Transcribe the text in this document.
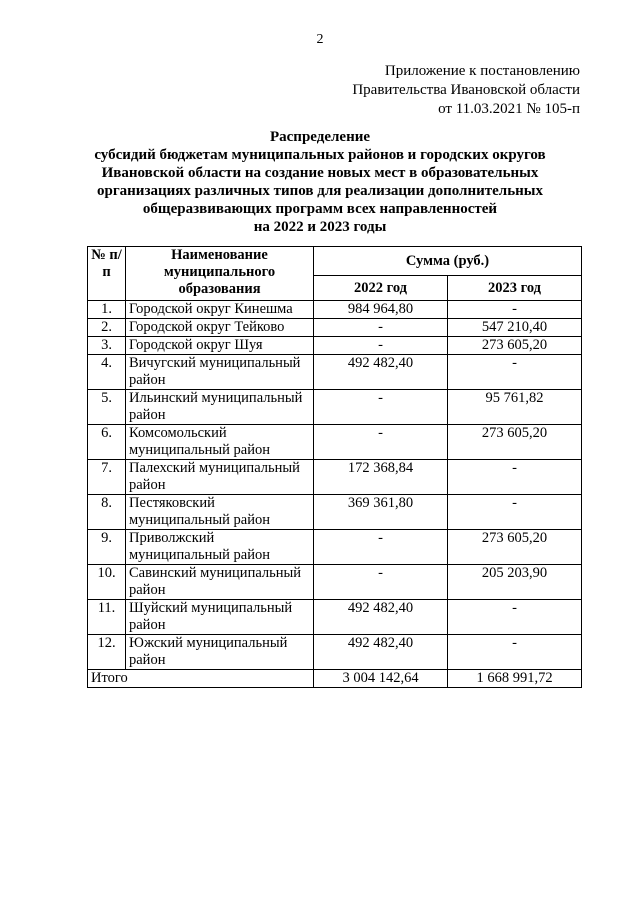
2
Приложение к постановлению
Правительства Ивановской области
от 11.03.2021 № 105-п
Распределение
субсидий бюджетам муниципальных районов и городских округов
Ивановской области на создание новых мест в образовательных
организациях различных типов для реализации дополнительных
общеразвивающих программ всех направленностей
на 2022 и 2023 годы
№ п/п	Наименование муниципального образования	Сумма (руб.)	
		2022 год	2023 год
1.	Городской округ Кинешма	984 964,80	-
2.	Городской округ Тейково	-	547 210,40
3.	Городской округ Шуя	-	273 605,20
4.	Вичугский муниципальный район	492 482,40	-
5.	Ильинский муниципальный район	-	95 761,82
6.	Комсомольский муниципальный район	-	273 605,20
7.	Палехский муниципальный район	172 368,84	-
8.	Пестяковский муниципальный район	369 361,80	-
9.	Приволжский муниципальный район	-	273 605,20
10.	Савинский муниципальный район	-	205 203,90
11.	Шуйский муниципальный район	492 482,40	-
12.	Южский муниципальный район	492 482,40	-
Итого		3 004 142,64	1 668 991,72
